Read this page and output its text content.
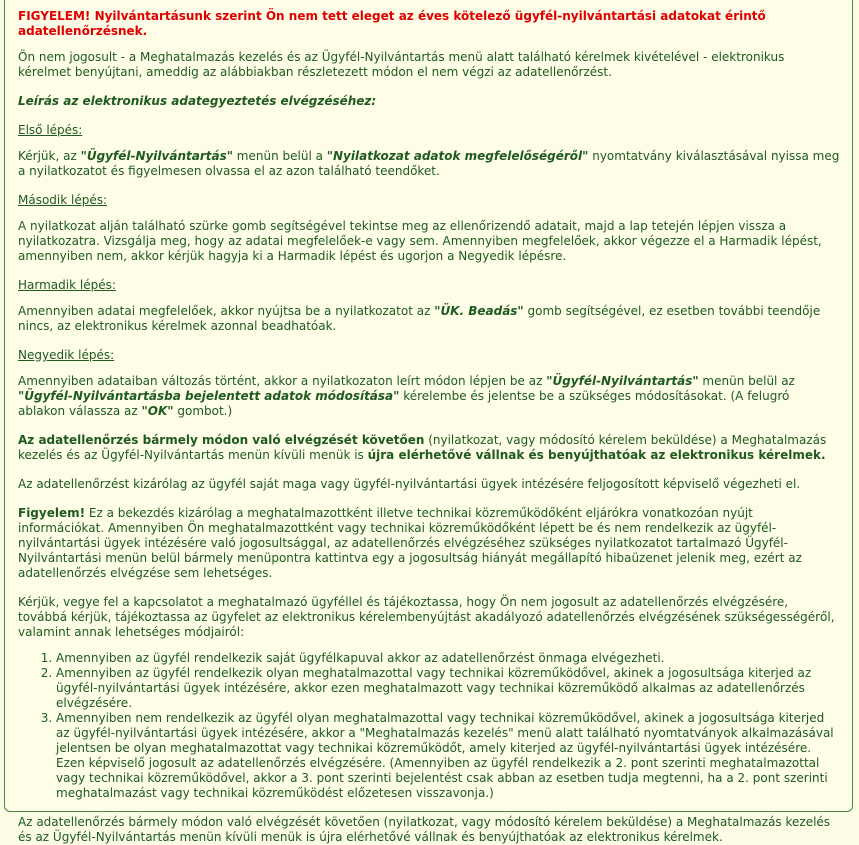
FIGYELEM! Nyilvántartásunk szerint Ön nem tett eleget az éves kötelező ügyfél-nyilvántartási adatokat érintő adatellenőrzésnek.

Ön nem jogosult - a Meghatalmazás kezelés és az Ügyfél-Nyilvántartás menü alatt található kérelmek kivételével - elektronikus kérelmet benyújtani, ameddig az alábbiakban részletezett módon el nem végzi az adatellenőrzést.

Leírás az elektronikus adategyeztetés elvégzéséhez:

Első lépés:

Kérjük, az "Ügyfél-Nyilvántartás" menün belül a "Nyilatkozat adatok megfelelőségéről" nyomtatvány kiválasztásával nyissa meg a nyilatkozatot és figyelmesen olvassa el az azon található teendőket.

Második lépés:

A nyilatkozat alján található szürke gomb segítségével tekintse meg az ellenőrizendő adatait, majd a lap tetején lépjen vissza a nyilatkozatra. Vizsgálja meg, hogy az adatai megfelelőek-e vagy sem. Amennyiben megfelelőek, akkor végezze el a Harmadik lépést, amennyiben nem, akkor kérjük hagyja ki a Harmadik lépést és ugorjon a Negyedik lépésre.

Harmadik lépés:

Amennyiben adatai megfelelőek, akkor nyújtsa be a nyilatkozatot az "ÜK. Beadás" gomb segítségével, ez esetben további teendője nincs, az elektronikus kérelmek azonnal beadhatóak.

Negyedik lépés:

Amennyiben adataiban változás történt, akkor a nyilatkozaton leírt módon lépjen be az "Ügyfél-Nyilvántartás" menün belül az "Ügyfél-Nyilvántartásba bejelentett adatok módosítása" kérelembe és jelentse be a szükséges módosításokat. (A felugró ablakon válassza az "OK" gombot.)

Az adatellenőrzés bármely módon való elvégzését követően (nyilatkozat, vagy módosító kérelem beküldése) a Meghatalmazás kezelés és az Ügyfél-Nyilvántartás menün kívüli menük is újra elérhetővé vállnak és benyújthatóak az elektronikus kérelmek.

Az adatellenőrzést kizárólag az ügyfél saját maga vagy ügyfél-nyilvántartási ügyek intézésére feljogosított képviselő végezheti el.

Figyelem! Ez a bekezdés kizárólag a meghatalmazottként illetve technikai közreműködőként eljárókra vonatkozóan nyújt információkat. Amennyiben Ön meghatalmazottként vagy technikai közreműködőként lépett be és nem rendelkezik az ügyfél-nyilvántartási ügyek intézésére való jogosultsággal, az adatellenőrzés elvégzéséhez szükséges nyilatkozatot tartalmazó Ügyfél-Nyilvántartási menün belül bármely menüpontra kattintva egy a jogosultság hiányát megállapító hibaüzenet jelenik meg, ezért az adatellenőrzés elvégzése sem lehetséges.

Kérjük, vegye fel a kapcsolatot a meghatalmazó ügyféllel és tájékoztassa, hogy Ön nem jogosult az adatellenőrzés elvégzésére, továbbá kérjük, tájékoztassa az ügyfelet az elektronikus kérelembenyújtást akadályozó adatellenőrzés elvégzésének szükségességéről, valamint annak lehetséges módjairól:

1. Amennyiben az ügyfél rendelkezik saját ügyfélkapuval akkor az adatellenőrzést önmaga elvégezheti.
2. Amennyiben az ügyfél rendelkezik olyan meghatalmazottal vagy technikai közreműködővel, akinek a jogosultsága kiterjed az ügyfél-nyilvántartási ügyek intézésére, akkor ezen meghatalmazott vagy technikai közreműködő alkalmas az adatellenőrzés elvégzésére.
3. Amennyiben nem rendelkezik az ügyfél olyan meghatalmazottal vagy technikai közreműködővel, akinek a jogosultsága kiterjed az ügyfél-nyilvántartási ügyek intézésére, akkor a "Meghatalmazás kezelés" menü alatt található nyomtatványok alkalmazásával jelentsen be olyan meghatalmazottat vagy technikai közreműködőt, amely kiterjed az ügyfél-nyilvántartási ügyek intézésére. Ezen képviselő jogosult az adatellenőrzés elvégzésére. (Amennyiben az ügyfél rendelkezik a 2. pont szerinti meghatalmazottal vagy technikai közreműködővel, akkor a 3. pont szerinti bejelentést csak abban az esetben tudja megtenni, ha a 2. pont szerinti meghatalmazást vagy technikai közreműködést előzetesen visszavonja.)

Az adatellenőrzés bármely módon való elvégzését követően (nyilatkozat, vagy módosító kérelem beküldése) a Meghatalmazás kezelés és az Ügyfél-Nyilvántartás menün kívüli menük is újra elérhetővé vállnak és benyújthatóak az elektronikus kérelmek.
